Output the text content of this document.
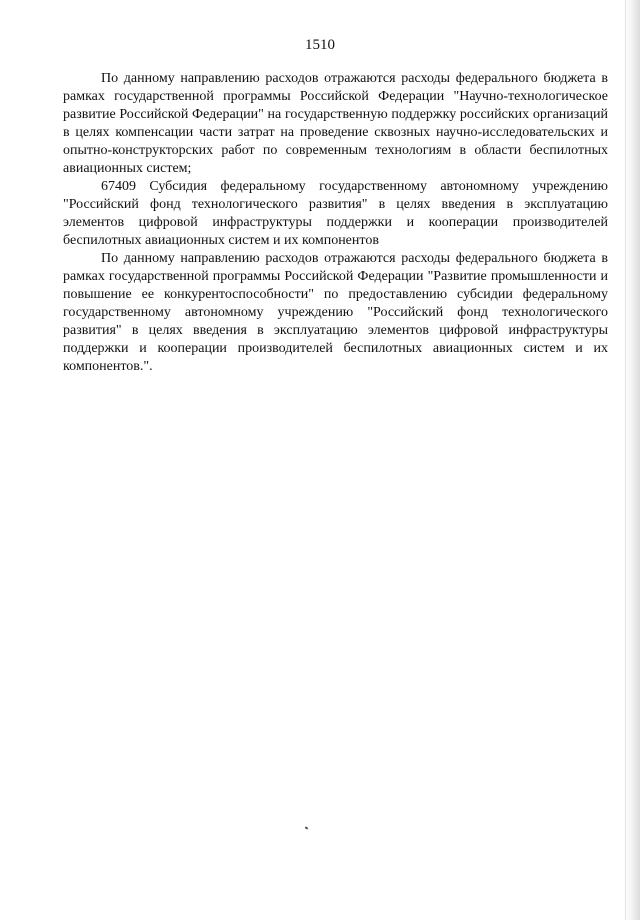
1510

По данному направлению расходов отражаются расходы федерального бюджета в рамках государственной программы Российской Федерации "Научно-технологическое развитие Российской Федерации" на государственную поддержку российских организаций в целях компенсации части затрат на проведение сквозных научно-исследовательских и опытно-конструкторских работ по современным технологиям в области беспилотных авиационных систем;

67409 Субсидия федеральному государственному автономному учреждению "Российский фонд технологического развития" в целях введения в эксплуатацию элементов цифровой инфраструктуры поддержки и кооперации производителей беспилотных авиационных систем и их компонентов

По данному направлению расходов отражаются расходы федерального бюджета в рамках государственной программы Российской Федерации "Развитие промышленности и повышение ее конкурентоспособности" по предоставлению субсидии федеральному государственному автономному учреждению "Российский фонд технологического развития" в целях введения в эксплуатацию элементов цифровой инфраструктуры поддержки и кооперации производителей беспилотных авиационных систем и их компонентов.".
